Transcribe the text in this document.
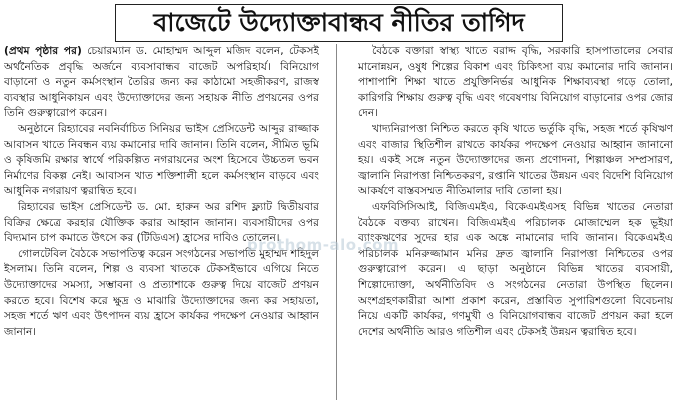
বাজেটে উদ্যোক্তাবান্ধব নীতির তাগিদ

(প্রথম পৃষ্ঠার পর) চেয়ারম্যান ড. মোহাম্মদ আব্দুল মজিদ বলেন, টেকসই অর্থনৈতিক প্রবৃদ্ধি অর্জনে ব্যবসাবান্ধব বাজেট অপরিহার্য। বিনিয়োগ বাড়ানো ও নতুন কর্মসংস্থান তৈরির জন্য কর কাঠামো সহজীকরণ, রাজস্ব ব্যবস্থার আধুনিকায়ন এবং উদ্যোক্তাদের জন্য সহায়ক নীতি প্রণয়নের ওপর তিনি গুরুত্বারোপ করেন।

অনুষ্ঠানে রিহ্যাবের নবনির্বাচিত সিনিয়র ভাইস প্রেসিডেন্ট আব্দুর রাজ্জাক আবাসন খাতে নিবন্ধন ব্যয় কমানোর দাবি জানান। তিনি বলেন, সীমিত ভূমি ও কৃষিজমি রক্ষার স্বার্থে পরিকল্পিত নগরায়নের অংশ হিসেবে উচ্চতল ভবন নির্মাণের বিকল্প নেই। আবাসন খাত শক্তিশালী হলে কর্মসংস্থান বাড়বে এবং আধুনিক নগরায়ণ ত্বরান্বিত হবে।

রিহ্যাবের ভাইস প্রেসিডেন্ট ড. মো. হারুন অর রশিদ ফ্ল্যাট দ্বিতীয়বার বিক্রির ক্ষেত্রে করহার যৌক্তিক করার আহ্বান জানান। ব্যবসায়ীদের ওপর বিদ্যমান চাপ কমাতে উৎসে কর (টিডিএস) হ্রাসের দাবিও তোলেন।

গোলটেবিল বৈঠকে সভাপতিত্ব করেন সংগঠনের সভাপতি মুহাম্মদ শহিদুল ইসলাম। তিনি বলেন, শিল্প ও ব্যবসা খাতকে টেকসইভাবে এগিয়ে নিতে উদ্যোক্তাদের সমস্যা, সম্ভাবনা ও প্রত্যাশাকে গুরুত্ব দিয়ে বাজেট প্রণয়ন করতে হবে। বিশেষ করে ক্ষুদ্র ও মাঝারি উদ্যোক্তাদের জন্য কর সহায়তা, সহজ শর্তে ঋণ এবং উৎপাদন ব্যয় হ্রাসে কার্যকর পদক্ষেপ নেওয়ার আহ্বান জানান।

বৈঠকে বক্তারা স্বাস্থ্য খাতে বরাদ্দ বৃদ্ধি, সরকারি হাসপাতালের সেবার মানোন্নয়ন, ওষুধ শিল্পের বিকাশ এবং চিকিৎসা ব্যয় কমানোর দাবি জানান। পাশাপাশি শিক্ষা খাতে প্রযুক্তিনির্ভর আধুনিক শিক্ষাব্যবস্থা গড়ে তোলা, কারিগরি শিক্ষায় গুরুত্ব বৃদ্ধি এবং গবেষণায় বিনিয়োগ বাড়ানোর ওপর জোর দেন।

খাদ্যনিরাপত্তা নিশ্চিত করতে কৃষি খাতে ভর্তুকি বৃদ্ধি, সহজ শর্তে কৃষিঋণ এবং বাজার স্থিতিশীল রাখতে কার্যকর পদক্ষেপ নেওয়ার আহ্বান জানানো হয়। একই সঙ্গে নতুন উদ্যোক্তাদের জন্য প্রণোদনা, শিল্পাঞ্চল সম্প্রসারণ, জ্বালানি নিরাপত্তা নিশ্চিতকরণ, রপ্তানি খাতের উন্নয়ন এবং বিদেশি বিনিয়োগ আকর্ষণে বাস্তবসম্মত নীতিমালার দাবি তোলা হয়।

এফবিসিসিআই, বিজিএমইএ, বিকেএমইএসহ বিভিন্ন খাতের নেতারা বৈঠকে বক্তব্য রাখেন। বিজিএমইএ পরিচালক মোজাম্মেল হক ভূইয়া ব্যাংকঋণের সুদের হার এক অঙ্কে নামানোর দাবি জানান। বিকেএমইএ পরিচালক মনিরুজ্জামান মনির দ্রুত জ্বালানি নিরাপত্তা নিশ্চিতের ওপর গুরুত্বারোপ করেন। এ ছাড়া অনুষ্ঠানে বিভিন্ন খাতের ব্যবসায়ী, শিল্পোদ্যোক্তা, অর্থনীতিবিদ ও সংগঠনের নেতারা উপস্থিত ছিলেন। অংশগ্রহণকারীরা আশা প্রকাশ করেন, প্রস্তাবিত সুপারিশগুলো বিবেচনায় নিয়ে একটি কার্যকর, গণমুখী ও বিনিয়োগবান্ধব বাজেট প্রণয়ন করা হলে দেশের অর্থনীতি আরও গতিশীল এবং টেকসই উন্নয়ন ত্বরান্বিত হবে।

prothom-alo.com
